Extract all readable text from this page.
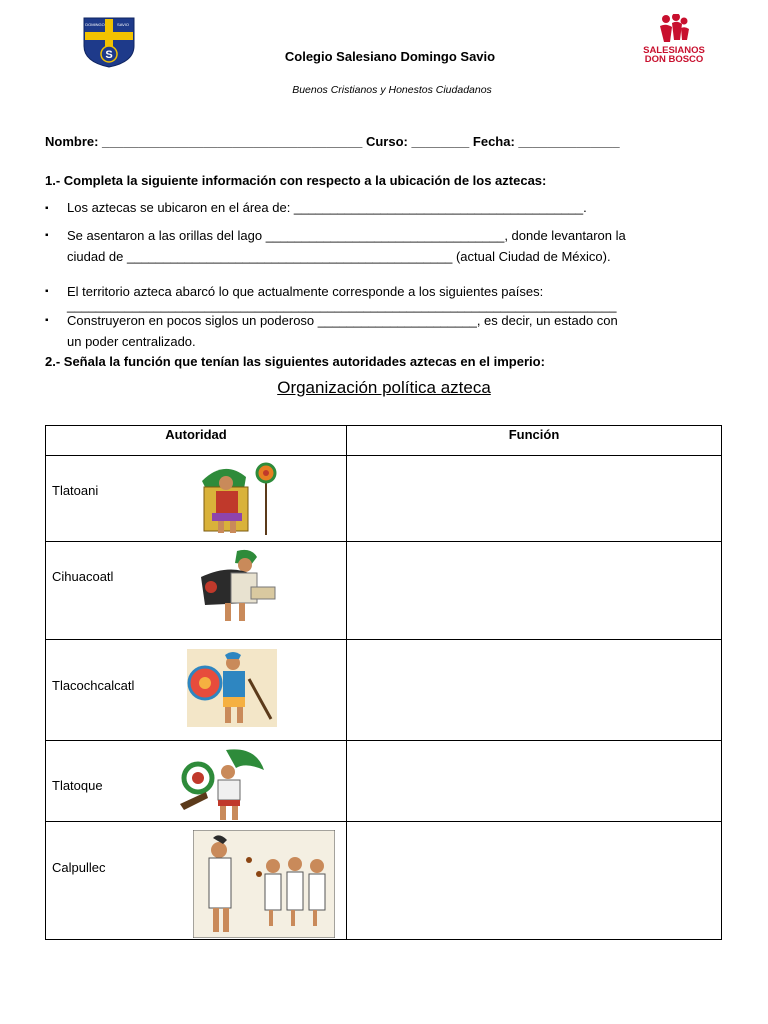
S
DOMINGO	SAVIO
SALESIANOS
DON BOSCO
Colegio Salesiano Domingo Savio
Buenos Cristianos y Honestos Ciudadanos
Nombre: ____________________________________ Curso: ________ Fecha: ______________
1.- Completa la siguiente información con respecto a la ubicación de los aztecas:
▪ Los aztecas se ubicaron en el área de: ________________________________________.
▪ Se asentaron a las orillas del lago _________________________________, donde levantaron la
ciudad de _____________________________________________ (actual Ciudad de México).
▪ El territorio azteca abarcó lo que actualmente corresponde a los siguientes países:
____________________________________________________________________________
▪ Construyeron en pocos siglos un poderoso ______________________, es decir, un estado con
un poder centralizado.
2.- Señala la función que tenían las siguientes autoridades aztecas en el imperio:
Organización política azteca
Autoridad	Función

Tlatoani	

Cihuacoatl	

Tlacochcalcatl	

Tlatoque	

Calpullec	
